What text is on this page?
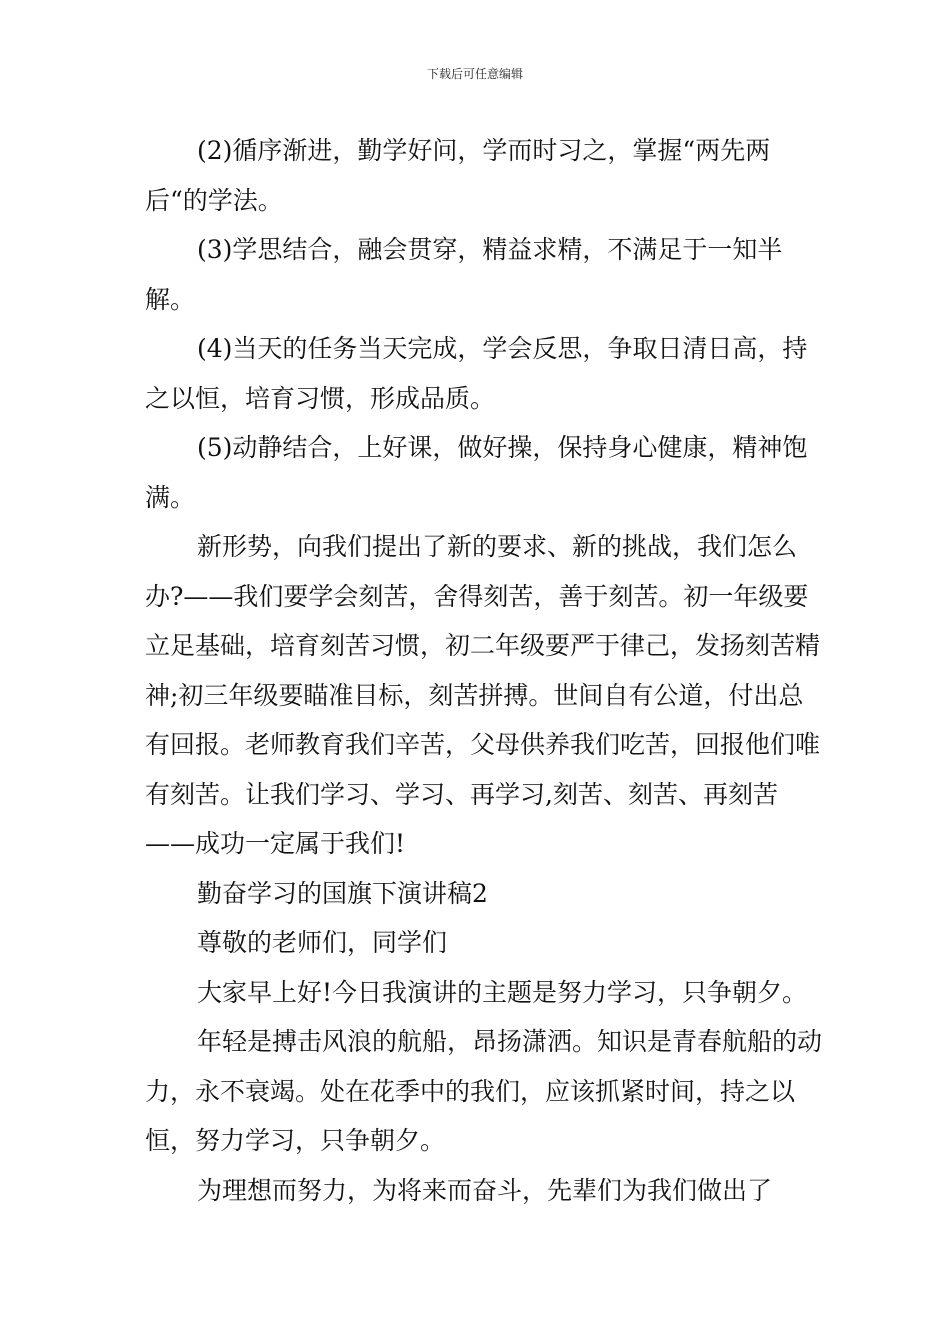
下载后可任意编辑

(2)循序渐进，勤学好问，学而时习之，掌握“两先两后“的学法。

(3)学思结合，融会贯穿，精益求精，不满足于一知半解。

(4)当天的任务当天完成，学会反思，争取日清日高，持之以恒，培育习惯，形成品质。

(5)动静结合，上好课，做好操，保持身心健康，精神饱满。

新形势，向我们提出了新的要求、新的挑战，我们怎么办?——我们要学会刻苦，舍得刻苦，善于刻苦。初一年级要立足基础，培育刻苦习惯，初二年级要严于律己，发扬刻苦精神;初三年级要瞄准目标，刻苦拼搏。世间自有公道，付出总有回报。老师教育我们辛苦，父母供养我们吃苦，回报他们唯有刻苦。让我们学习、学习、再学习,刻苦、刻苦、再刻苦——成功一定属于我们!

勤奋学习的国旗下演讲稿2

尊敬的老师们，同学们

大家早上好!今日我演讲的主题是努力学习，只争朝夕。

年轻是搏击风浪的航船，昂扬潇洒。知识是青春航船的动力，永不衰竭。处在花季中的我们，应该抓紧时间，持之以恒，努力学习，只争朝夕。

为理想而努力，为将来而奋斗，先辈们为我们做出了
